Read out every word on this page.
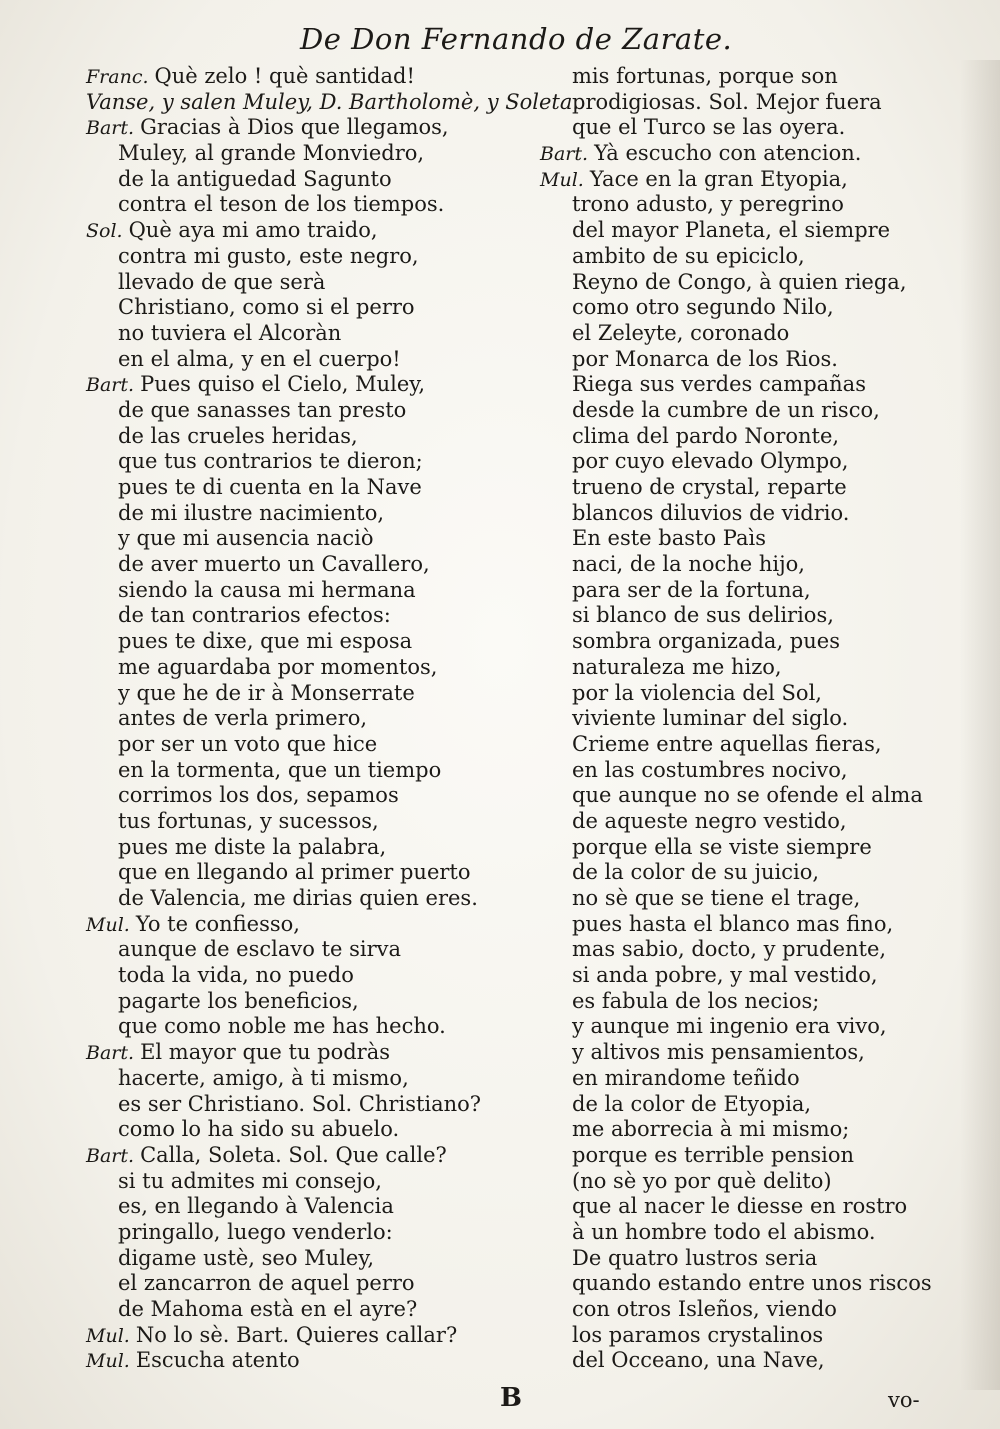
De Don Fernando de Zarate.
Franc. Què zelo ! què santidad!
Vanse, y salen Muley, D. Bartholomè, y Soleta.
Bart. Gracias à Dios que llegamos,
Muley, al grande Monviedro,
de la antiguedad Sagunto
contra el teson de los tiempos.
Sol. Què aya mi amo traido,
contra mi gusto, este negro,
llevado de que serà
Christiano, como si el perro
no tuviera el Alcoràn
en el alma, y en el cuerpo!
Bart. Pues quiso el Cielo, Muley,
de que sanasses tan presto
de las crueles heridas,
que tus contrarios te dieron;
pues te di cuenta en la Nave
de mi ilustre nacimiento,
y que mi ausencia naciò
de aver muerto un Cavallero,
siendo la causa mi hermana
de tan contrarios efectos:
pues te dixe, que mi esposa
me aguardaba por momentos,
y que he de ir à Monserrate
antes de verla primero,
por ser un voto que hice
en la tormenta, que un tiempo
corrimos los dos, sepamos
tus fortunas, y sucessos,
pues me diste la palabra,
que en llegando al primer puerto
de Valencia, me dirias quien eres.
Mul. Yo te confiesso,
aunque de esclavo te sirva
toda la vida, no puedo
pagarte los beneficios,
que como noble me has hecho.
Bart. El mayor que tu podràs
hacerte, amigo, à ti mismo,
es ser Christiano. Sol. Christiano?
como lo ha sido su abuelo.
Bart. Calla, Soleta. Sol. Que calle?
si tu admites mi consejo,
es, en llegando à Valencia
pringallo, luego venderlo:
digame ustè, seo Muley,
el zancarron de aquel perro
de Mahoma està en el ayre?
Mul. No lo sè. Bart. Quieres callar?
Mul. Escucha atento
mis fortunas, porque son
prodigiosas. Sol. Mejor fuera
que el Turco se las oyera.
Bart. Yà escucho con atencion.
Mul. Yace en la gran Etyopia,
trono adusto, y peregrino
del mayor Planeta, el siempre
ambito de su epiciclo,
Reyno de Congo, à quien riega,
como otro segundo Nilo,
el Zeleyte, coronado
por Monarca de los Rios.
Riega sus verdes campañas
desde la cumbre de un risco,
clima del pardo Noronte,
por cuyo elevado Olympo,
trueno de crystal, reparte
blancos diluvios de vidrio.
En este basto Paìs
naci, de la noche hijo,
para ser de la fortuna,
si blanco de sus delirios,
sombra organizada, pues
naturaleza me hizo,
por la violencia del Sol,
viviente luminar del siglo.
Crieme entre aquellas fieras,
en las costumbres nocivo,
que aunque no se ofende el alma
de aqueste negro vestido,
porque ella se viste siempre
de la color de su juicio,
no sè que se tiene el trage,
pues hasta el blanco mas fino,
mas sabio, docto, y prudente,
si anda pobre, y mal vestido,
es fabula de los necios;
y aunque mi ingenio era vivo,
y altivos mis pensamientos,
en mirandome teñido
de la color de Etyopia,
me aborrecia à mi mismo;
porque es terrible pension
(no sè yo por què delito)
que al nacer le diesse en rostro
à un hombre todo el abismo.
De quatro lustros seria
quando estando entre unos riscos
con otros Isleños, viendo
los paramos crystalinos
del Occeano, una Nave,
B	vo-
